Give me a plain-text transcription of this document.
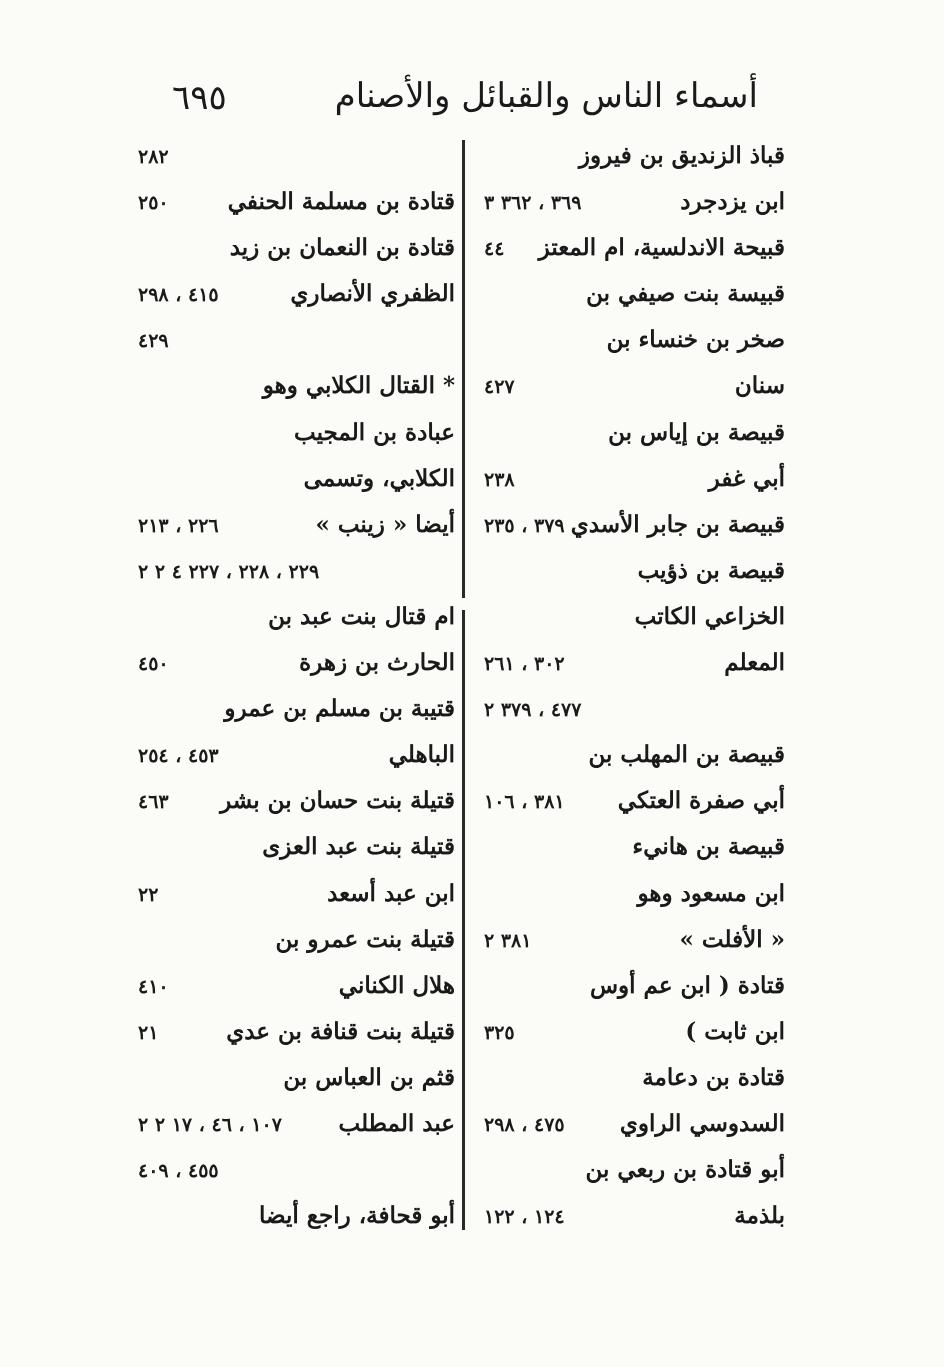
أسماء الناس والقبائل والأصنام
٦٩٥
قباذ الزنديق بن فيروز
ابن يزدجرد
٣٦٩ ، ٣٦٢ ٣
قبيحة الاندلسية، ام المعتز
٤٤
قبيسة بنت صيفي بن
صخر بن خنساء بن
سنان
٤٢٧
قبيصة بن إياس بن
أبي غفر
٢٣٨
قبيصة بن جابر الأسدي
٣٧٩ ، ٢٣٥
قبيصة بن ذؤيب
الخزاعي الكاتب
المعلم
٣٠٢ ، ٢٦١
٤٧٧ ، ٣٧٩ ٢
قبيصة بن المهلب بن
أبي صفرة العتكي
٣٨١ ، ١٠٦
قبيصة بن هانيء
ابن مسعود وهو
« الأفلت »
٣٨١ ٢
قتادة ( ابن عم أوس
ابن ثابت )
٣٢٥
قتادة بن دعامة
السدوسي الراوي
٤٧٥ ، ٢٩٨
أبو قتادة بن ربعي بن
بلذمة
١٢٤ ، ١٢٢
٢٨٢
قتادة بن مسلمة الحنفي
٢٥٠
قتادة بن النعمان بن زيد
الظفري الأنصاري
٤١٥ ، ٢٩٨
٤٢٩
* القتال الكلابي وهو
عبادة بن المجيب
الكلابي، وتسمى
أيضا « زينب »
٢٢٦ ، ٢١٣
٢٢٩ ، ٢٢٨ ، ٢٢٧ ٤ ٢ ٢
ام قتال بنت عبد بن
الحارث بن زهرة
٤٥٠
قتيبة بن مسلم بن عمرو
الباهلي
٤٥٣ ، ٢٥٤
قتيلة بنت حسان بن بشر
٤٦٣
قتيلة بنت عبد العزى
ابن عبد أسعد
٢٢
قتيلة بنت عمرو بن
هلال الكناني
٤١٠
قتيلة بنت قنافة بن عدي
٢١
قثم بن العباس بن
عبد المطلب
١٠٧ ، ٤٦ ، ١٧ ٢ ٢
٤٥٥ ، ٤٠٩
أبو قحافة، راجع أيضا
